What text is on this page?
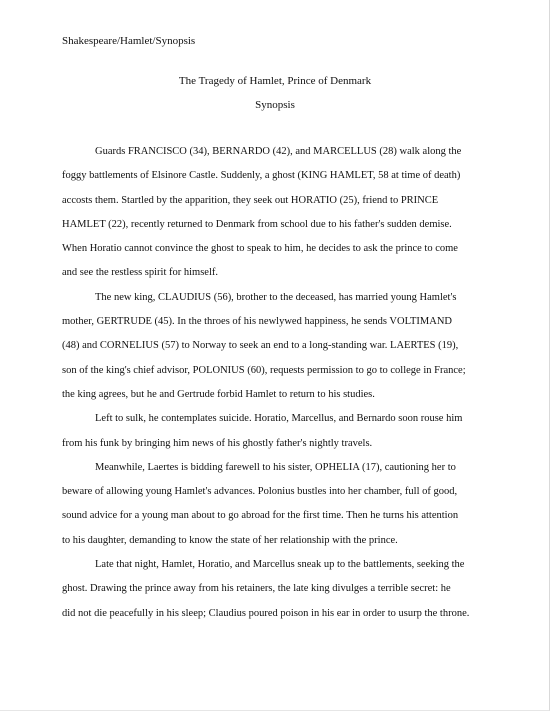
Shakespeare/Hamlet/Synopsis
The Tragedy of Hamlet, Prince of Denmark
Synopsis
Guards FRANCISCO (34), BERNARDO (42), and MARCELLUS (28) walk along the
foggy battlements of Elsinore Castle. Suddenly, a ghost (KING HAMLET, 58 at time of death)
accosts them. Startled by the apparition, they seek out HORATIO (25), friend to PRINCE
HAMLET (22), recently returned to Denmark from school due to his father's sudden demise.
When Horatio cannot convince the ghost to speak to him, he decides to ask the prince to come
and see the restless spirit for himself.
The new king, CLAUDIUS (56), brother to the deceased, has married young Hamlet's
mother, GERTRUDE (45). In the throes of his newlywed happiness, he sends VOLTIMAND
(48) and CORNELIUS (57) to Norway to seek an end to a long-standing war. LAERTES (19),
son of the king's chief advisor, POLONIUS (60), requests permission to go to college in France;
the king agrees, but he and Gertrude forbid Hamlet to return to his studies.
Left to sulk, he contemplates suicide. Horatio, Marcellus, and Bernardo soon rouse him
from his funk by bringing him news of his ghostly father's nightly travels.
Meanwhile, Laertes is bidding farewell to his sister, OPHELIA (17), cautioning her to
beware of allowing young Hamlet's advances. Polonius bustles into her chamber, full of good,
sound advice for a young man about to go abroad for the first time. Then he turns his attention
to his daughter, demanding to know the state of her relationship with the prince.
Late that night, Hamlet, Horatio, and Marcellus sneak up to the battlements, seeking the
ghost. Drawing the prince away from his retainers, the late king divulges a terrible secret: he
did not die peacefully in his sleep; Claudius poured poison in his ear in order to usurp the throne.
